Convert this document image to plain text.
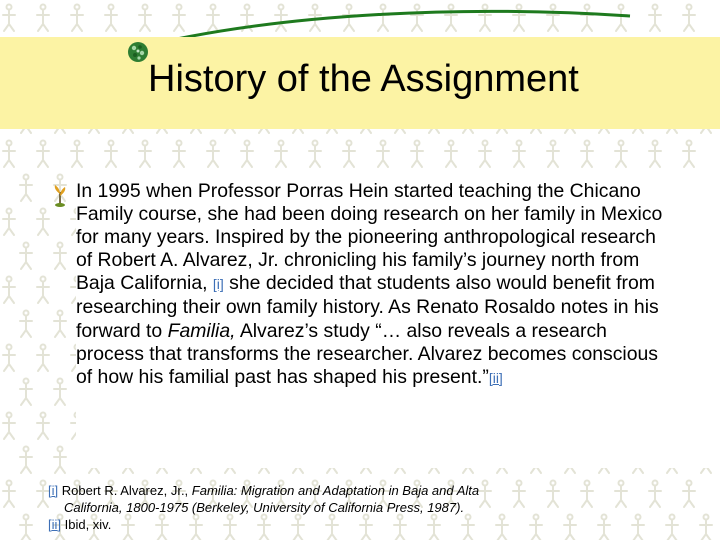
History of the Assignment

In 1995 when Professor Porras Hein started teaching the Chicano Family course, she had been doing research on her family in Mexico for many years. Inspired by the pioneering anthropological research of Robert A. Alvarez, Jr. chronicling his family’s journey north from Baja California, [i] she decided that students also would benefit from researching their own family history. As Renato Rosaldo notes in his forward to Familia, Alvarez’s study “… also reveals a research process that transforms the researcher. Alvarez becomes conscious of how his familial past has shaped his present.”[ii]

[i] Robert R. Alvarez, Jr., Familia: Migration and Adaptation in Baja and Alta
California, 1800-1975 (Berkeley, University of California Press, 1987).
[ii] Ibid, xiv.
